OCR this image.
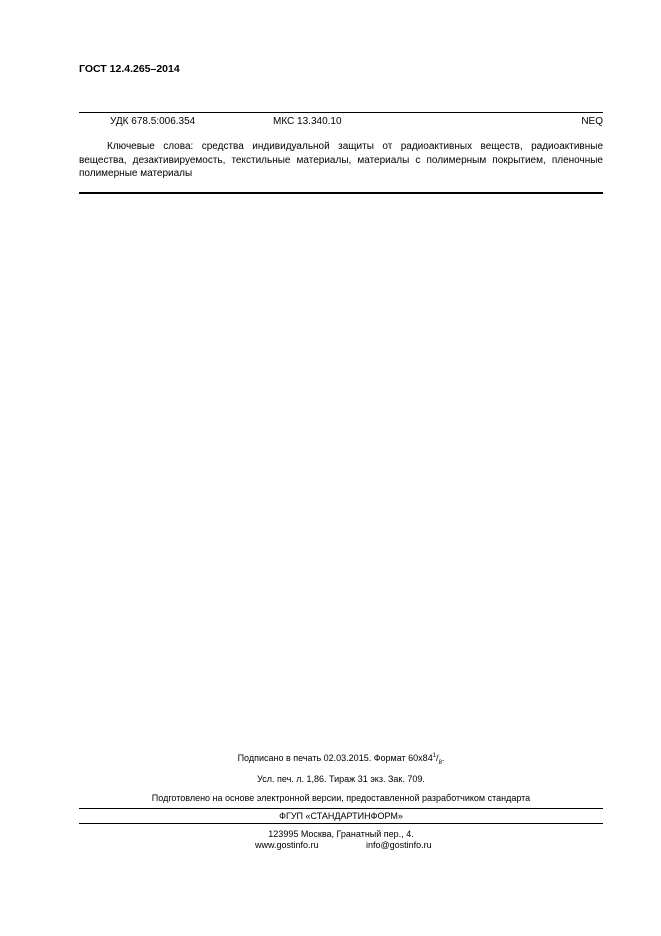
ГОСТ 12.4.265–2014
УДК 678.5:006.354	МКС 13.340.10	NEQ
Ключевые слова: средства индивидуальной защиты от радиоактивных веществ, радиоактивные вещества, дезактивируемость, текстильные материалы, материалы с полимерным покрытием, пленочные полимерные материалы
Подписано в печать 02.03.2015. Формат $60x84^1/_8$.
Усл. печ. л. 1,86. Тираж 31 экз. Зак. 709.
Подготовлено на основе электронной версии, предоставленной разработчиком стандарта
ФГУП «СТАНДАРТИНФОРМ»
123995 Москва, Гранатный пер., 4.
www.gostinfo.ru	info@gostinfo.ru
